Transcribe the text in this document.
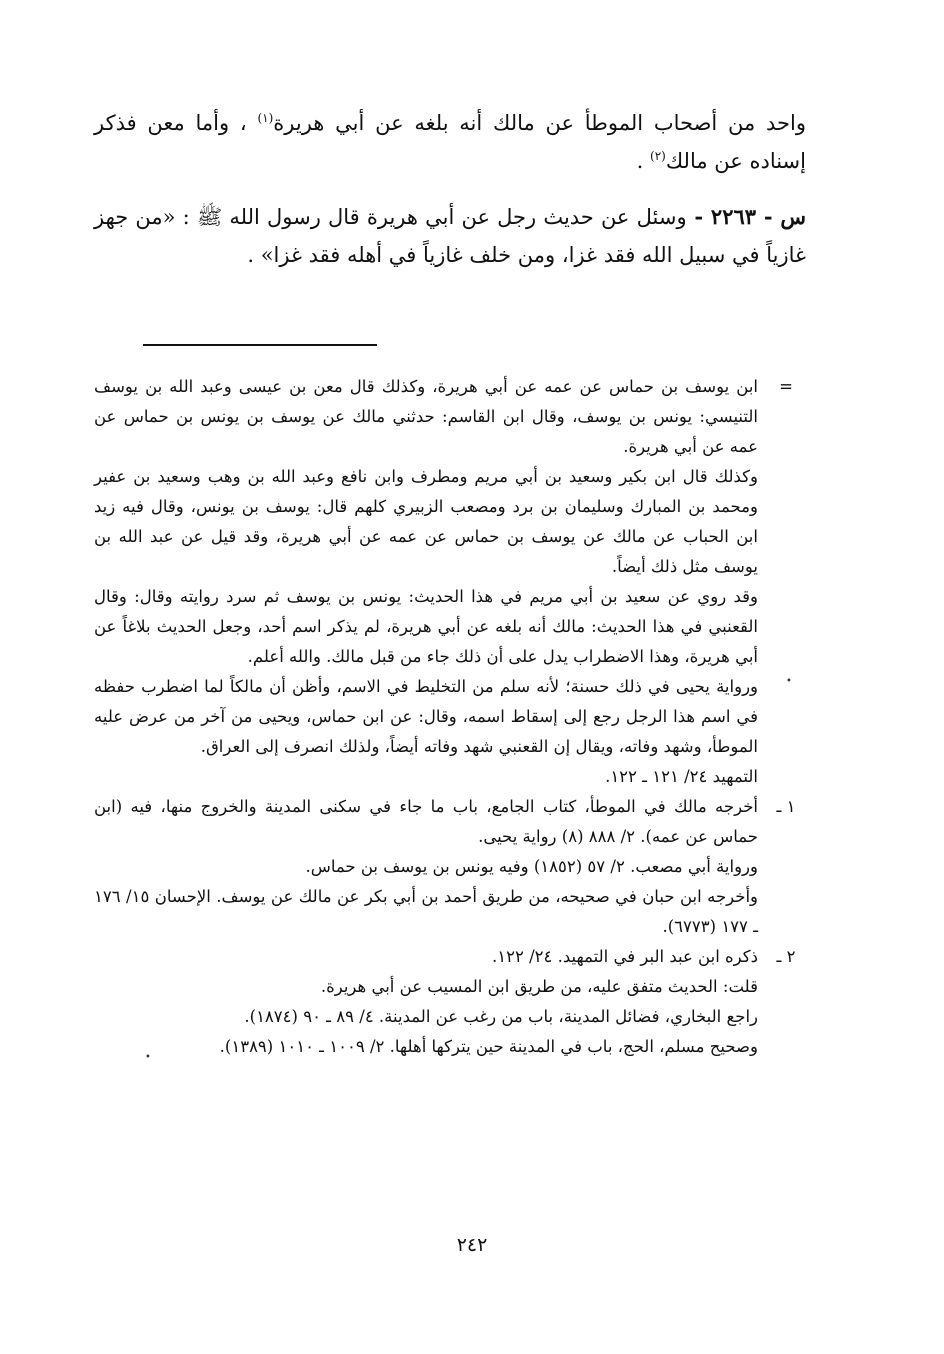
واحد من أصحاب الموطأ عن مالك أنه بلغه عن أبي هريرة$^{(١)}$ ، وأما معن فذكر إسناده عن مالك$^{(٢)}$ .

س - ٢٢٦٣ - وسئل عن حديث رجل عن أبي هريرة قال رسول الله ﷺ : «من جهز غازياً في سبيل الله فقد غزا، ومن خلف غازياً في أهله فقد غزا» .

=

ابن يوسف بن حماس عن عمه عن أبي هريرة، وكذلك قال معن بن عيسى وعبد الله بن يوسف التنيسي: يونس بن يوسف، وقال ابن القاسم: حدثني مالك عن يوسف بن يونس بن حماس عن عمه عن أبي هريرة.

وكذلك قال ابن بكير وسعيد بن أبي مريم ومطرف وابن نافع وعبد الله بن وهب وسعيد بن عفير ومحمد بن المبارك وسليمان بن برد ومصعب الزبيري كلهم قال: يوسف بن يونس، وقال فيه زيد ابن الحباب عن مالك عن يوسف بن حماس عن عمه عن أبي هريرة، وقد قيل عن عبد الله بن يوسف مثل ذلك أيضاً.

وقد روي عن سعيد بن أبي مريم في هذا الحديث: يونس بن يوسف ثم سرد روايته وقال: وقال القعنبي في هذا الحديث: مالك أنه بلغه عن أبي هريرة، لم يذكر اسم أحد، وجعل الحديث بلاغاً عن أبي هريرة، وهذا الاضطراب يدل على أن ذلك جاء من قبل مالك. والله أعلم.

ورواية يحيى في ذلك حسنة؛ لأنه سلم من التخليط في الاسم، وأظن أن مالكاً لما اضطرب حفظه في اسم هذا الرجل رجع إلى إسقاط اسمه، وقال: عن ابن حماس، ويحيى من آخر من عرض عليه الموطأ، وشهد وفاته، ويقال إن القعنبي شهد وفاته أيضاً، ولذلك انصرف إلى العراق.

التمهيد ٢٤/ ١٢١ ـ ١٢٢.

١ ـ

أخرجه مالك في الموطأ، كتاب الجامع، باب ما جاء في سكنى المدينة والخروج منها، فيه (ابن حماس عن عمه). ٢/ ٨٨٨ (٨) رواية يحيى.

ورواية أبي مصعب. ٢/ ٥٧ (١٨٥٢) وفيه يونس بن يوسف بن حماس.

وأخرجه ابن حبان في صحيحه، من طريق أحمد بن أبي بكر عن مالك عن يوسف. الإحسان ١٥/ ١٧٦ ـ ١٧٧ (٦٧٧٣).

٢ ـ

ذكره ابن عبد البر في التمهيد. ٢٤/ ١٢٢.

قلت: الحديث متفق عليه، من طريق ابن المسيب عن أبي هريرة.

راجع البخاري، فضائل المدينة، باب من رغب عن المدينة. ٤/ ٨٩ ـ ٩٠ (١٨٧٤).

وصحيح مسلم، الحج، باب في المدينة حين يتركها أهلها. ٢/ ١٠٠٩ ـ ١٠١٠ (١٣٨٩).

•
•
٢٤٢
